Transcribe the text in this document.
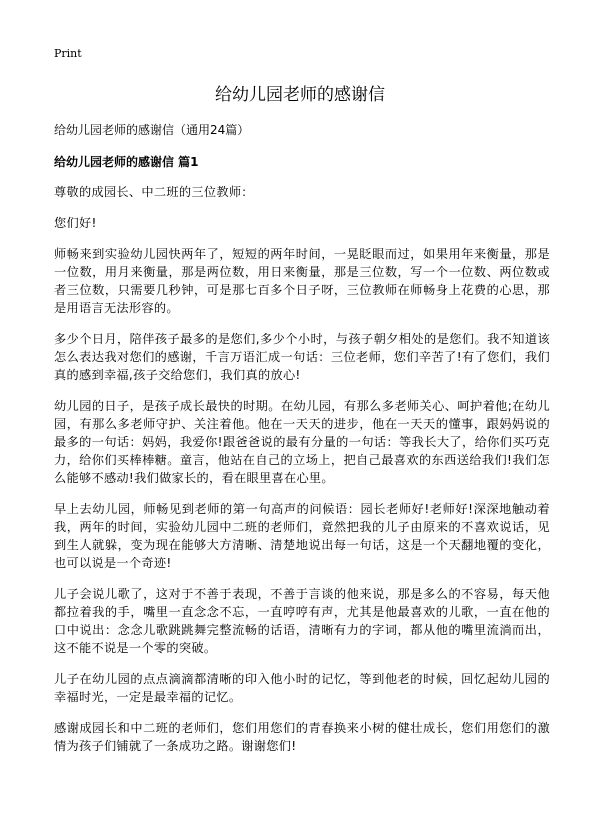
Print
给幼儿园老师的感谢信

给幼儿园老师的感谢信（通用24篇）

给幼儿园老师的感谢信 篇1

尊敬的成园长、中二班的三位教师：

您们好!

师畅来到实验幼儿园快两年了，短短的两年时间，一晃眨眼而过，如果用年来衡量，那是一位数，用月来衡量，那是两位数，用日来衡量，那是三位数，写一个一位数、两位数或者三位数，只需要几秒钟，可是那七百多个日子呀，三位教师在师畅身上花费的心思，那是用语言无法形容的。

多少个日月，陪伴孩子最多的是您们,多少个小时，与孩子朝夕相处的是您们。我不知道该怎么表达我对您们的感谢，千言万语汇成一句话：三位老师，您们辛苦了!有了您们，我们真的感到幸福,孩子交给您们，我们真的放心!

幼儿园的日子，是孩子成长最快的时期。在幼儿园，有那么多老师关心、呵护着他;在幼儿园，有那么多老师守护、关注着他。他在一天天的进步，他在一天天的懂事，跟妈妈说的最多的一句话：妈妈，我爱你!跟爸爸说的最有分量的一句话：等我长大了，给你们买巧克力，给你们买棒棒糖。童言，他站在自己的立场上，把自己最喜欢的东西送给我们!我们怎么能够不感动!我们做家长的，看在眼里喜在心里。

早上去幼儿园，师畅见到老师的第一句高声的问候语：园长老师好!老师好!深深地触动着我，两年的时间，实验幼儿园中二班的老师们，竟然把我的儿子由原来的不喜欢说话，见到生人就躲，变为现在能够大方清晰、清楚地说出每一句话，这是一个天翻地覆的变化，也可以说是一个奇迹!

儿子会说儿歌了，这对于不善于表现，不善于言谈的他来说，那是多么的不容易，每天他都拉着我的手，嘴里一直念念不忘，一直哼哼有声，尤其是他最喜欢的儿歌，一直在他的口中说出：念念儿歌跳跳舞完整流畅的话语，清晰有力的字词，都从他的嘴里流淌而出，这不能不说是一个零的突破。

儿子在幼儿园的点点滴滴都清晰的印入他小时的记忆，等到他老的时候，回忆起幼儿园的幸福时光，一定是最幸福的记忆。

感谢成园长和中二班的老师们，您们用您们的青春换来小树的健壮成长，您们用您们的激情为孩子们铺就了一条成功之路。谢谢您们!
